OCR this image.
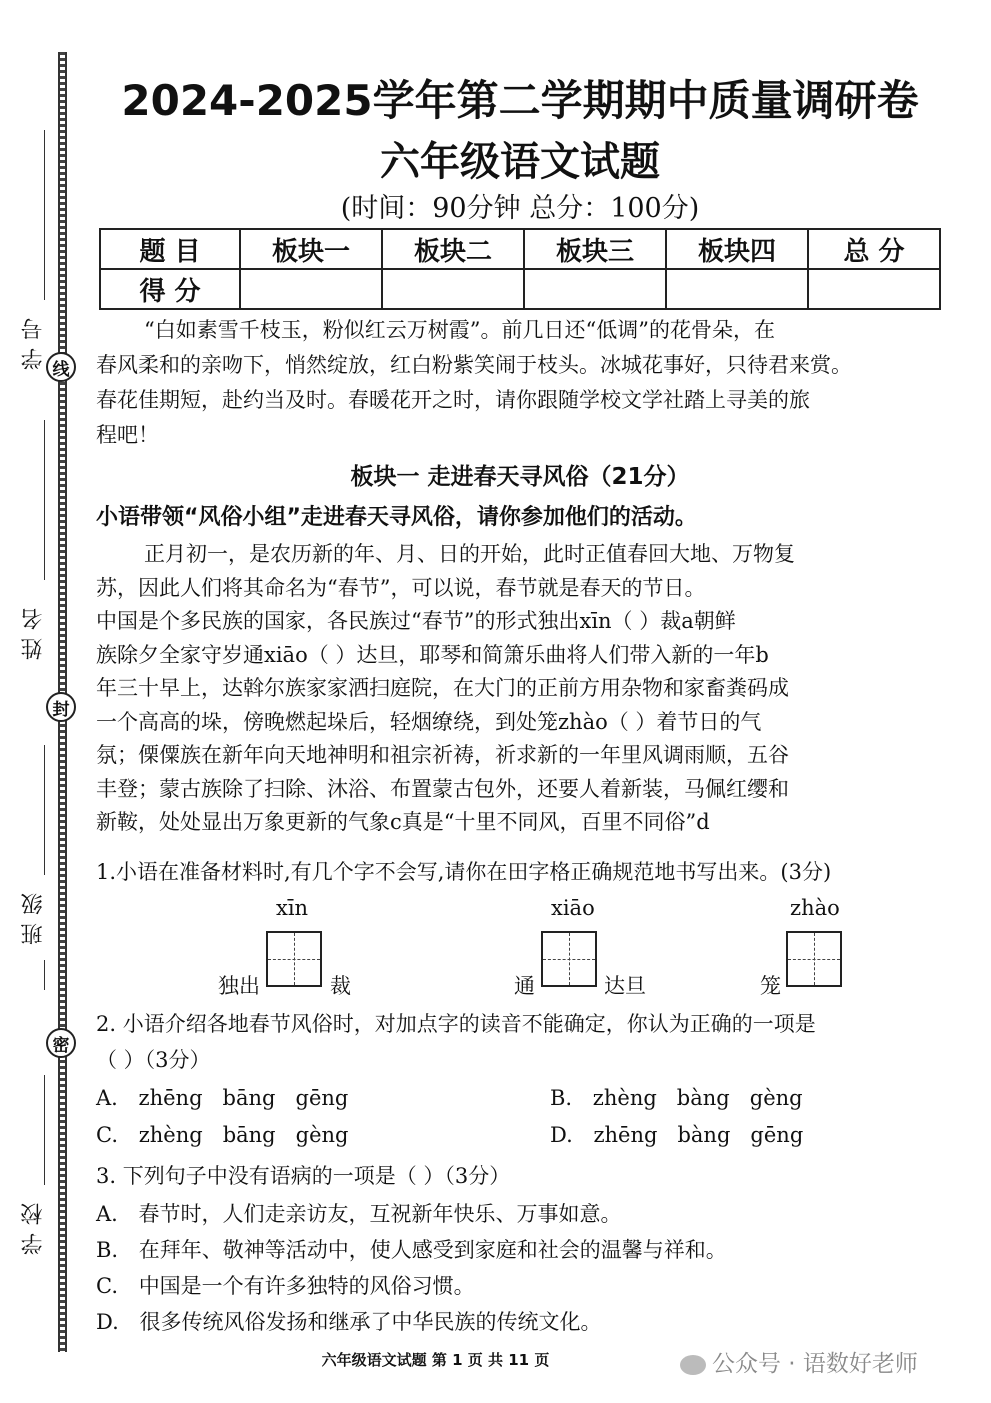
学号 线
姓名
封
班级
密
学校
2024-2025学年第二学期期中质量调研卷
六年级语文试题
(时间：90分钟 总分：100分)
题 目	板块一	板块二	板块三	板块四	总 分
得 分					
“白如素雪千枝玉，粉似红云万树霞”。前几日还“低调”的花骨朵，在
春风柔和的亲吻下，悄然绽放，红白粉紫笑闹于枝头。冰城花事好，只待君来赏。
春花佳期短，赴约当及时。春暖花开之时，请你跟随学校文学社踏上寻美的旅
程吧！
板块一 走进春天寻风俗（21分）
小语带领“风俗小组”走进春天寻风俗，请你参加他们的活动。
正月初一，是农历新的年、月、日的开始，此时正值春回大地、万物复
苏，因此人们将其命名为“春节”，可以说，春节就是春天的节日。
中国是个多民族的国家，各民族过“春节”的形式独出xīn（ ）裁a朝鲜
族除夕全家守岁通xiāo（ ）达旦，耶琴和简箫乐曲将人们带入新的一年b
年三十早上，达斡尔族家家洒扫庭院，在大门的正前方用杂物和家畜粪码成
一个高高的垛，傍晚燃起垛后，轻烟缭绕，到处笼zhào（ ）着节日的气
氛；傈僳族在新年向天地神明和祖宗祈祷，祈求新的一年里风调雨顺，五谷
丰登；蒙古族除了扫除、沐浴、布置蒙古包外，还要人着新装，马佩红缨和
新鞍，处处显出万象更新的气象c真是“十里不同风，百里不同俗”d
1.小语在准备材料时,有几个字不会写,请你在田字格正确规范地书写出来。(3分)
xīn
独出	裁
xiāo
通	达旦
zhào
笼
2. 小语介绍各地春节风俗时，对加点字的读音不能确定，你认为正确的一项是
（ ）（3分）
A. zhēng   bāng   gēng	B. zhèng   bàng   gèng
C. zhèng   bāng   gèng	D. zhēng   bàng   gēng
3. 下列句子中没有语病的一项是（ ）（3分）
A. 春节时，人们走亲访友，互祝新年快乐、万事如意。
B. 在拜年、敬神等活动中，使人感受到家庭和社会的温馨与祥和。
C. 中国是一个有许多独特的风俗习惯。
D. 很多传统风俗发扬和继承了中华民族的传统文化。
六年级语文试题 第 1 页 共 11 页	公众号 · 语数好老师
